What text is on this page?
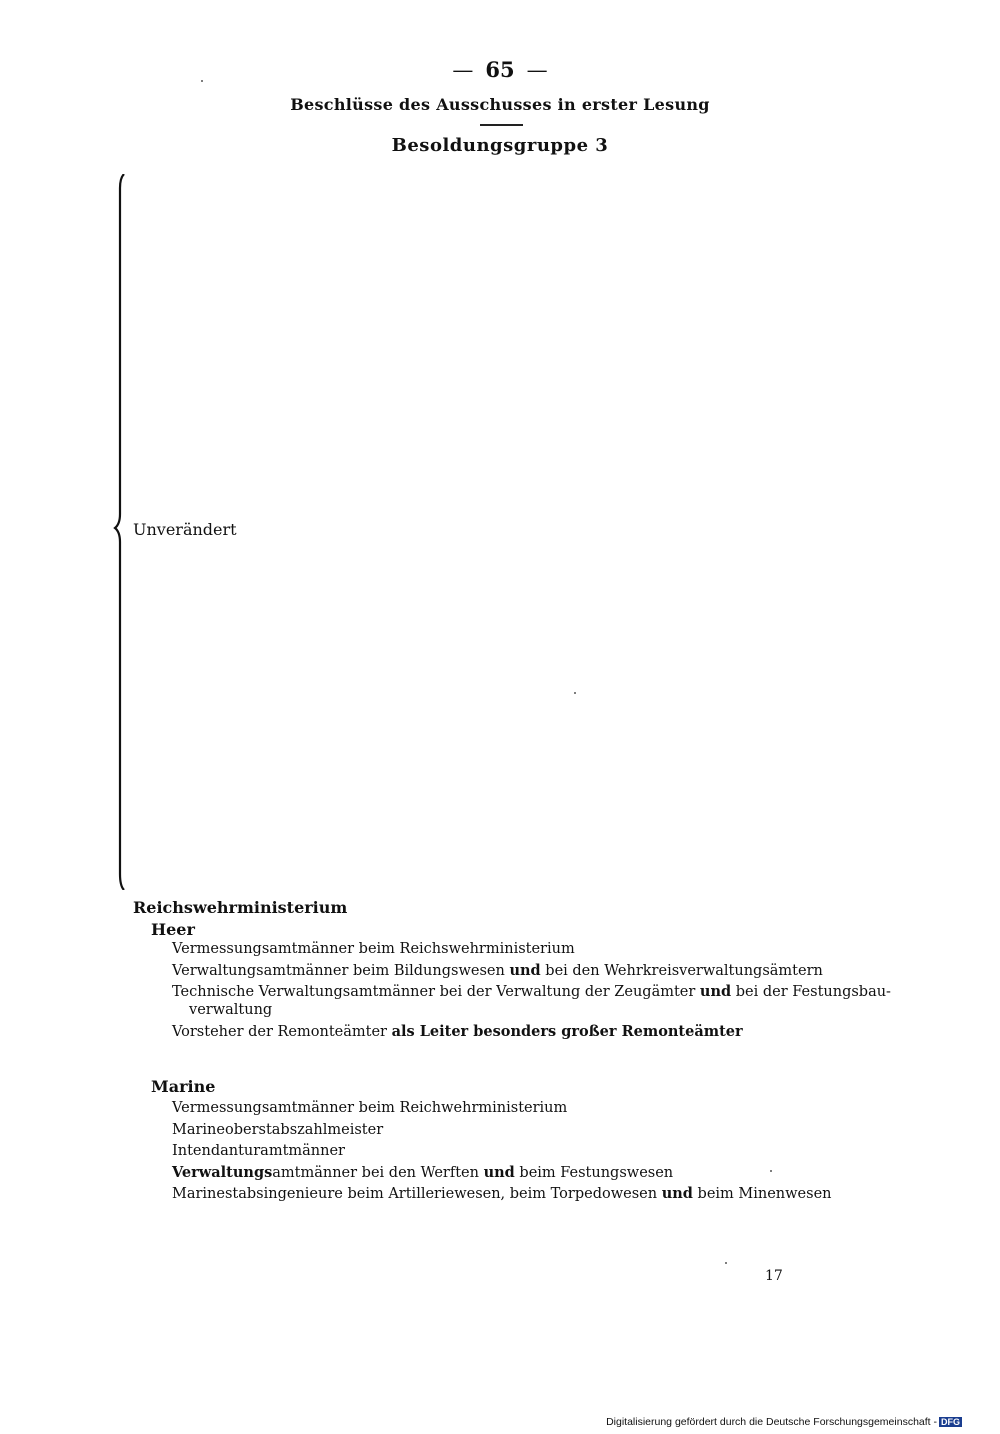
— 65 —
Beschlüsse des Ausschusses in erster Lesung
Besoldungsgruppe 3
Unverändert
Reichswehrministerium
Heer
Vermessungsamtmänner beim Reichswehrministerium
Verwaltungsamtmänner beim Bildungswesen und bei den Wehrkreisverwaltungsämtern
Technische Verwaltungsamtmänner bei der Verwaltung der Zeugämter und bei der Festungsbau-
verwaltung
Vorsteher der Remonteämter als Leiter besonders großer Remonteämter
Marine
Vermessungsamtmänner beim Reichwehrministerium
Marineoberstabszahlmeister
Intendanturamtmänner
Verwaltungsamtmänner bei den Werften und beim Festungswesen
Marinestabsingenieure beim Artilleriewesen, beim Torpedowesen und beim Minenwesen
17
Digitalisierung gefördert durch die Deutsche Forschungsgemeinschaft - DFG
